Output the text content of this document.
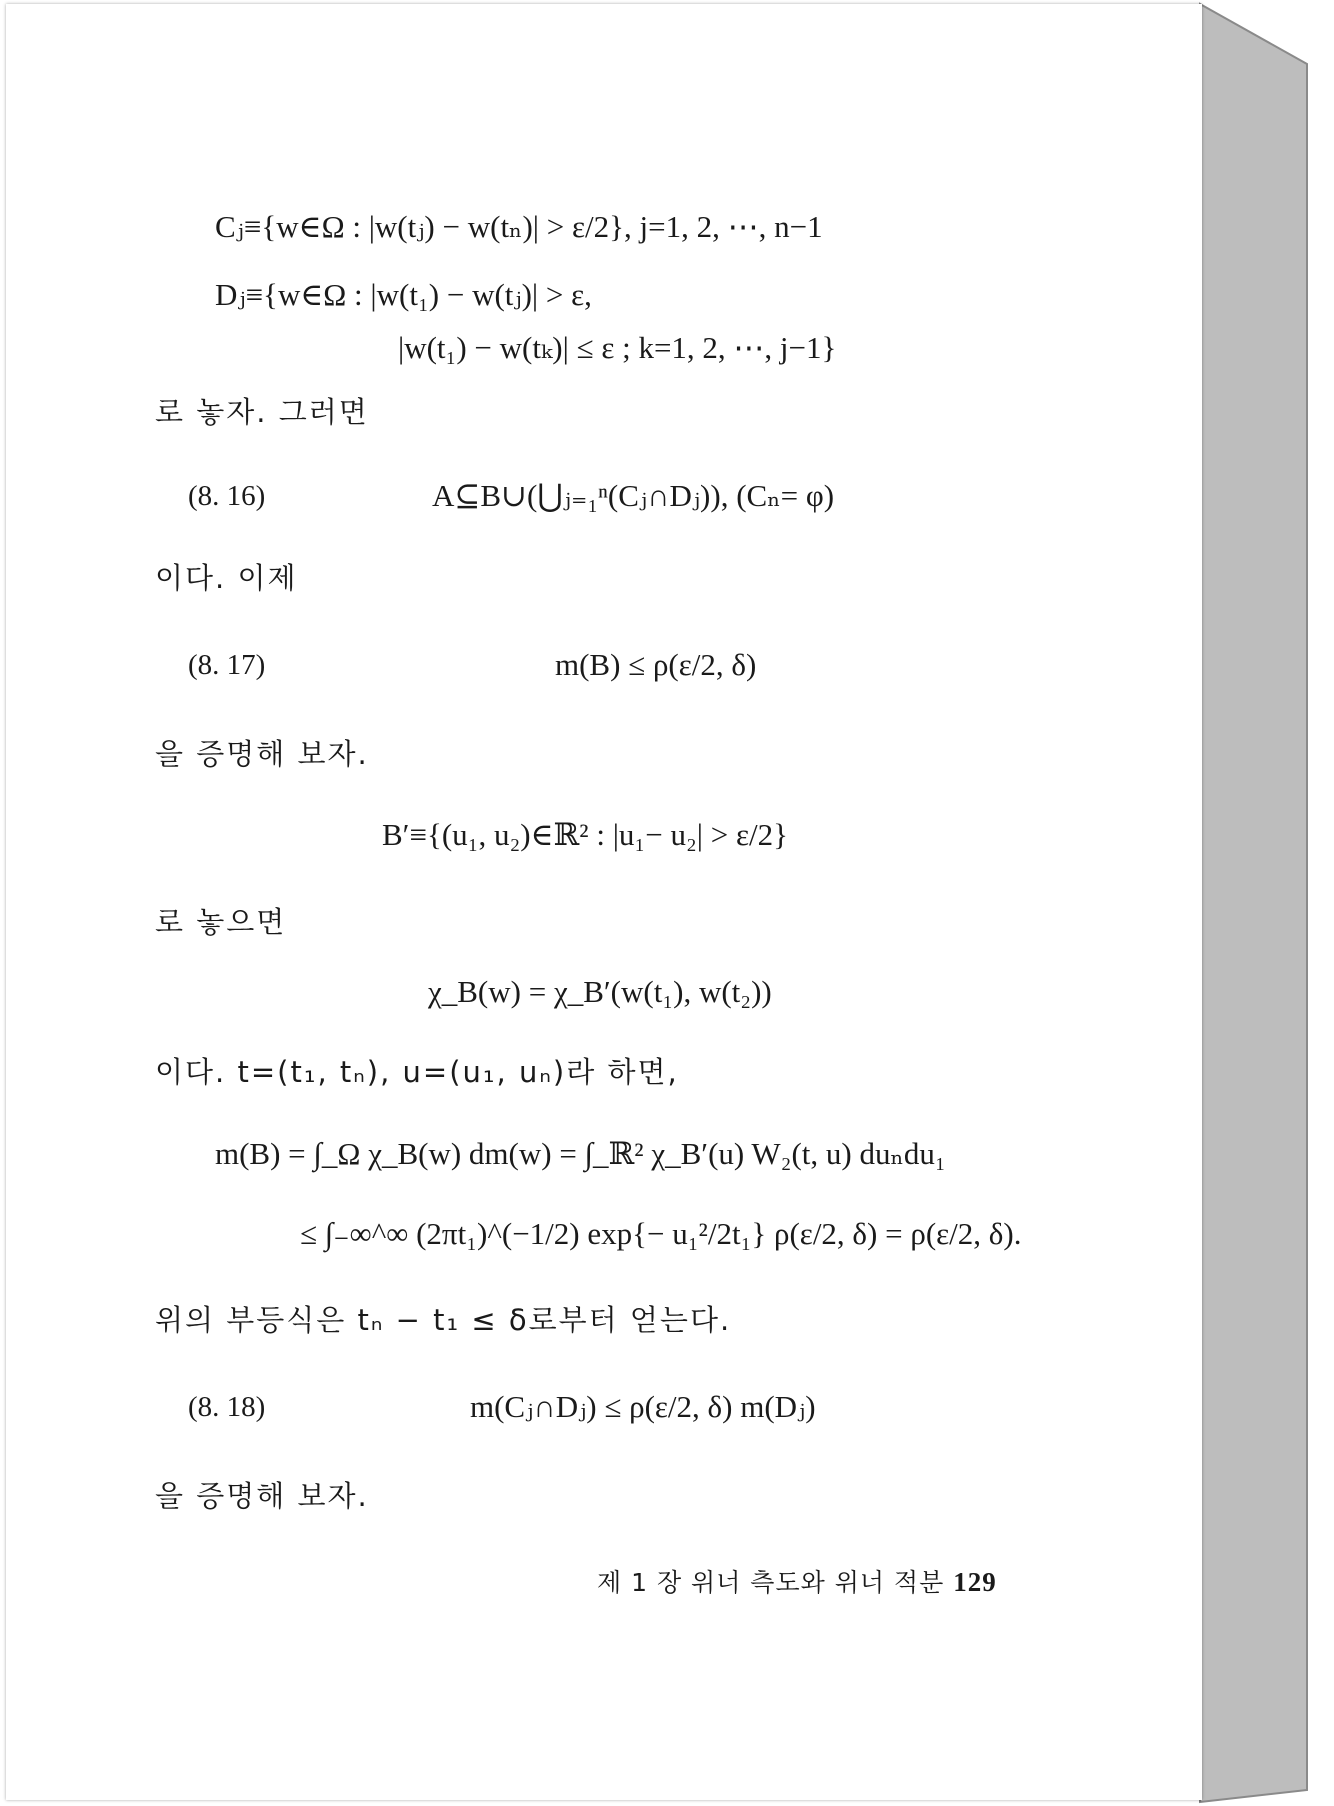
Cⱼ≡{w∈Ω : |w(tⱼ) − w(tₙ)| > ε/2}, j=1, 2, ⋯, n−1
Dⱼ≡{w∈Ω : |w(t₁) − w(tⱼ)| > ε,
|w(t₁) − w(tₖ)| ≤ ε ; k=1, 2, ⋯, j−1}
로 놓자. 그러면
(8. 16)	A⊆B∪(⋃ⱼ₌₁ⁿ(Cⱼ∩Dⱼ)), (Cₙ= φ)
이다. 이제
(8. 17)	m(B) ≤ ρ(ε/2, δ)
을 증명해 보자.
B′≡{(u₁, u₂)∈ℝ² : |u₁− u₂| > ε/2}
로 놓으면
χ_B(w) = χ_B′(w(t₁), w(t₂))
이다. t=(t₁, tₙ), u=(u₁, uₙ)라 하면,
m(B) = ∫_Ω χ_B(w) dm(w) = ∫_ℝ² χ_B′(u) W₂(t, u) duₙdu₁
≤ ∫₋∞^∞ (2πt₁)^(−1/2) exp{− u₁²/2t₁} ρ(ε/2, δ) = ρ(ε/2, δ).
위의 부등식은 tₙ − t₁ ≤ δ로부터 얻는다.
(8. 18)	m(Cⱼ∩Dⱼ) ≤ ρ(ε/2, δ) m(Dⱼ)
을 증명해 보자.
제 1 장 위너 측도와 위너 적분 129
